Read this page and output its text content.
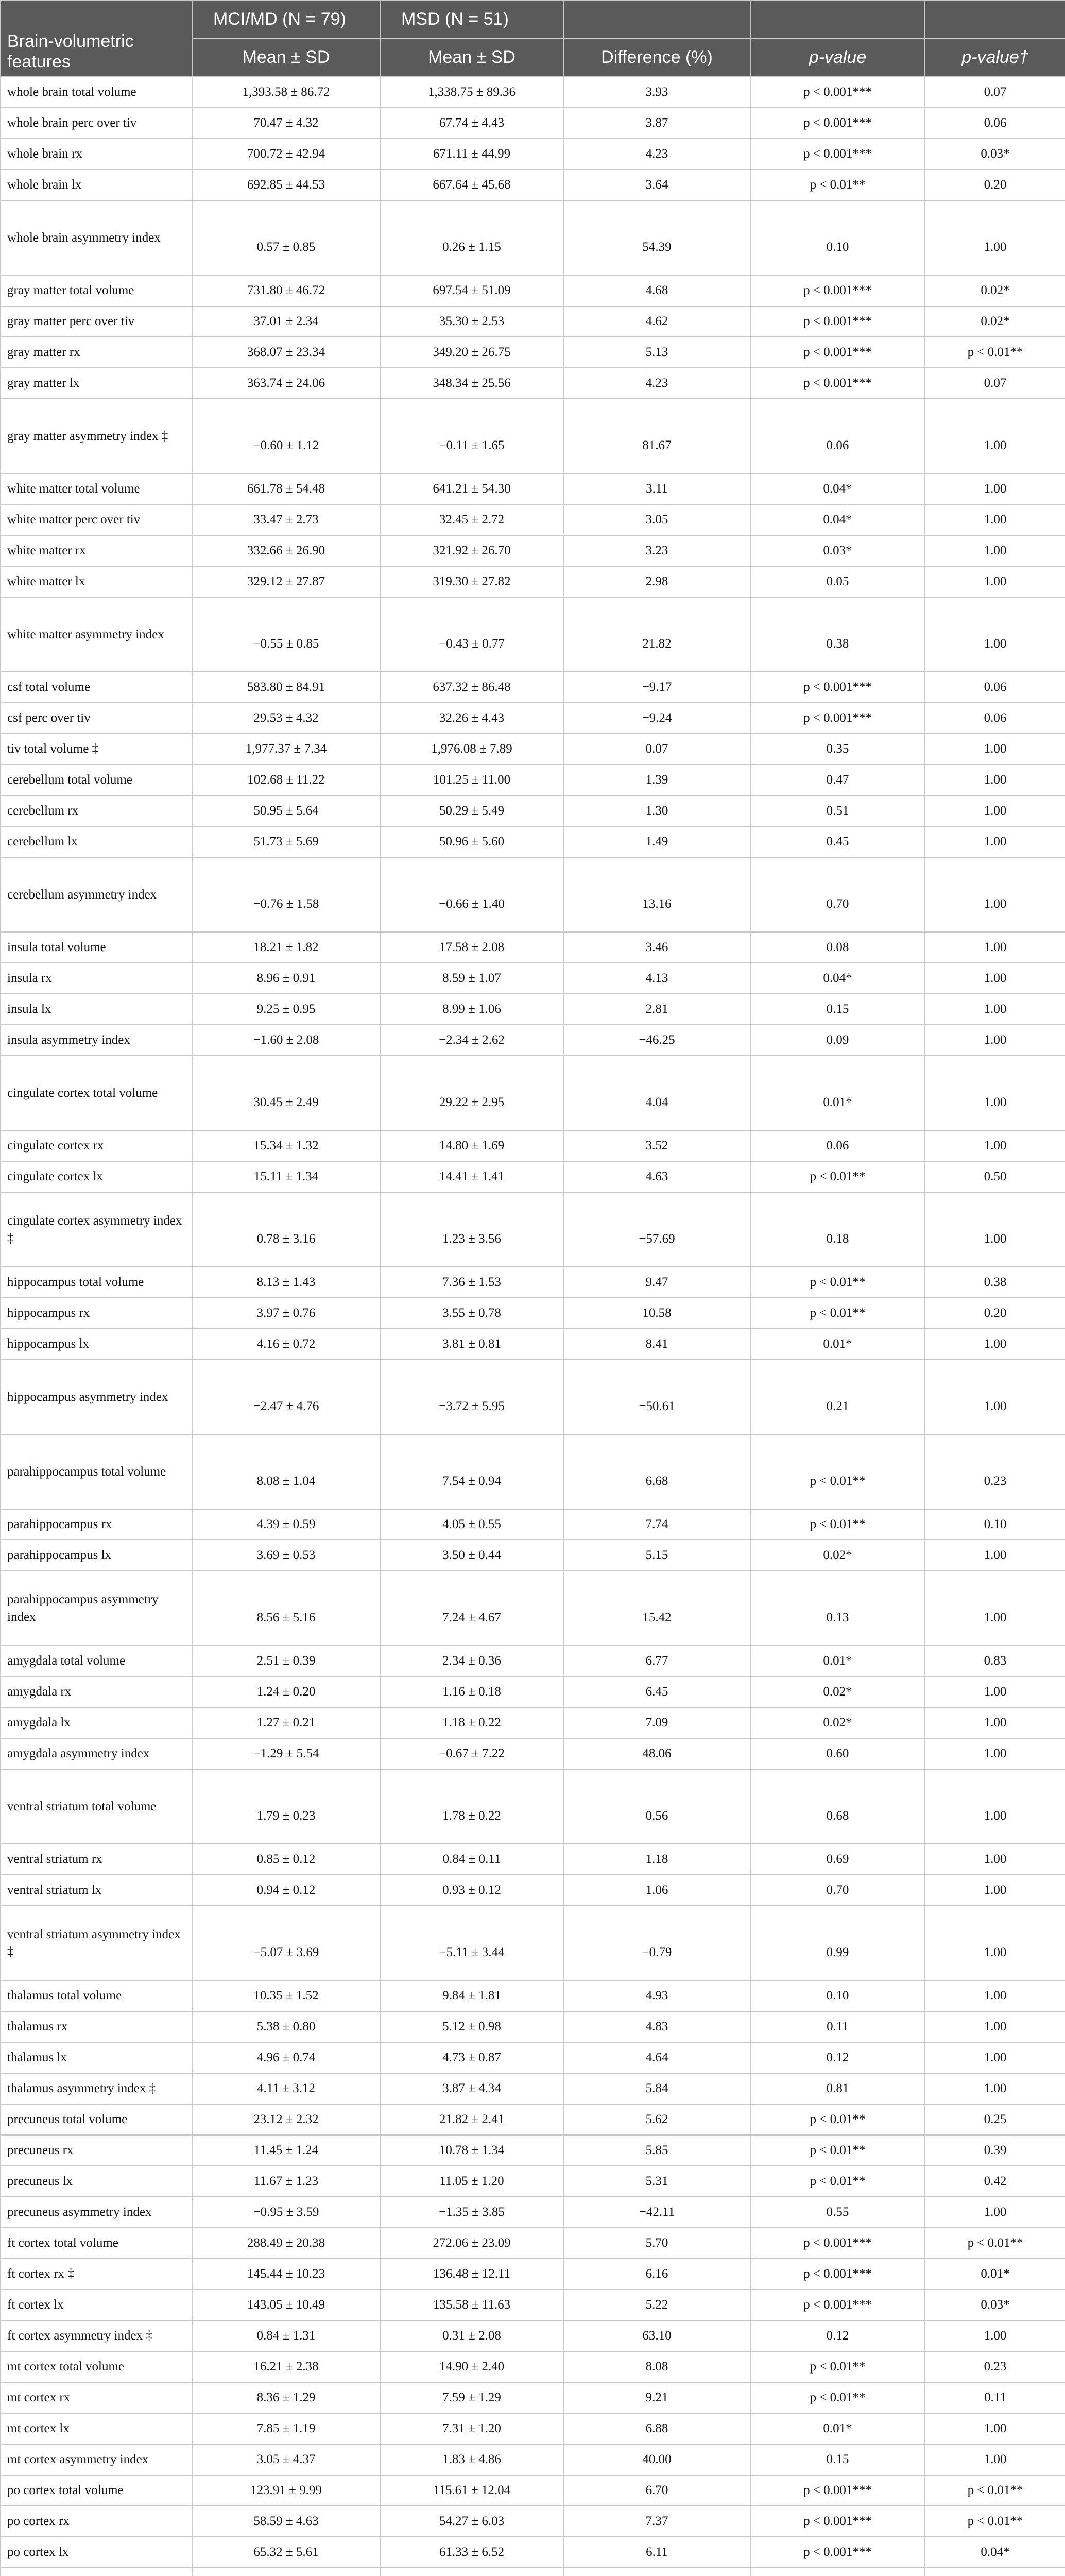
Brain-volumetric features	MCI/MD (N = 79)	MSD (N = 51)			
	Mean ± SD	Mean ± SD	Difference (%)	p-value	p-value†
whole brain total volume	1,393.58 ± 86.72	1,338.75 ± 89.36	3.93	p < 0.001***	0.07
whole brain perc over tiv	70.47 ± 4.32	67.74 ± 4.43	3.87	p < 0.001***	0.06
whole brain rx	700.72 ± 42.94	671.11 ± 44.99	4.23	p < 0.001***	0.03*
whole brain lx	692.85 ± 44.53	667.64 ± 45.68	3.64	p < 0.01**	0.20
whole brain asymmetry index	0.57 ± 0.85	0.26 ± 1.15	54.39	0.10	1.00
gray matter total volume	731.80 ± 46.72	697.54 ± 51.09	4.68	p < 0.001***	0.02*
gray matter perc over tiv	37.01 ± 2.34	35.30 ± 2.53	4.62	p < 0.001***	0.02*
gray matter rx	368.07 ± 23.34	349.20 ± 26.75	5.13	p < 0.001***	p < 0.01**
gray matter lx	363.74 ± 24.06	348.34 ± 25.56	4.23	p < 0.001***	0.07
gray matter asymmetry index ‡	−0.60 ± 1.12	−0.11 ± 1.65	81.67	0.06	1.00
white matter total volume	661.78 ± 54.48	641.21 ± 54.30	3.11	0.04*	1.00
white matter perc over tiv	33.47 ± 2.73	32.45 ± 2.72	3.05	0.04*	1.00
white matter rx	332.66 ± 26.90	321.92 ± 26.70	3.23	0.03*	1.00
white matter lx	329.12 ± 27.87	319.30 ± 27.82	2.98	0.05	1.00
white matter asymmetry index	−0.55 ± 0.85	−0.43 ± 0.77	21.82	0.38	1.00
csf total volume	583.80 ± 84.91	637.32 ± 86.48	−9.17	p < 0.001***	0.06
csf perc over tiv	29.53 ± 4.32	32.26 ± 4.43	−9.24	p < 0.001***	0.06
tiv total volume ‡	1,977.37 ± 7.34	1,976.08 ± 7.89	0.07	0.35	1.00
cerebellum total volume	102.68 ± 11.22	101.25 ± 11.00	1.39	0.47	1.00
cerebellum rx	50.95 ± 5.64	50.29 ± 5.49	1.30	0.51	1.00
cerebellum lx	51.73 ± 5.69	50.96 ± 5.60	1.49	0.45	1.00
cerebellum asymmetry index	−0.76 ± 1.58	−0.66 ± 1.40	13.16	0.70	1.00
insula total volume	18.21 ± 1.82	17.58 ± 2.08	3.46	0.08	1.00
insula rx	8.96 ± 0.91	8.59 ± 1.07	4.13	0.04*	1.00
insula lx	9.25 ± 0.95	8.99 ± 1.06	2.81	0.15	1.00
insula asymmetry index	−1.60 ± 2.08	−2.34 ± 2.62	−46.25	0.09	1.00
cingulate cortex total volume	30.45 ± 2.49	29.22 ± 2.95	4.04	0.01*	1.00
cingulate cortex rx	15.34 ± 1.32	14.80 ± 1.69	3.52	0.06	1.00
cingulate cortex lx	15.11 ± 1.34	14.41 ± 1.41	4.63	p < 0.01**	0.50
cingulate cortex asymmetry index ‡	0.78 ± 3.16	1.23 ± 3.56	−57.69	0.18	1.00
hippocampus total volume	8.13 ± 1.43	7.36 ± 1.53	9.47	p < 0.01**	0.38
hippocampus rx	3.97 ± 0.76	3.55 ± 0.78	10.58	p < 0.01**	0.20
hippocampus lx	4.16 ± 0.72	3.81 ± 0.81	8.41	0.01*	1.00
hippocampus asymmetry index	−2.47 ± 4.76	−3.72 ± 5.95	−50.61	0.21	1.00
parahippocampus total volume	8.08 ± 1.04	7.54 ± 0.94	6.68	p < 0.01**	0.23
parahippocampus rx	4.39 ± 0.59	4.05 ± 0.55	7.74	p < 0.01**	0.10
parahippocampus lx	3.69 ± 0.53	3.50 ± 0.44	5.15	0.02*	1.00
parahippocampus asymmetry index	8.56 ± 5.16	7.24 ± 4.67	15.42	0.13	1.00
amygdala total volume	2.51 ± 0.39	2.34 ± 0.36	6.77	0.01*	0.83
amygdala rx	1.24 ± 0.20	1.16 ± 0.18	6.45	0.02*	1.00
amygdala lx	1.27 ± 0.21	1.18 ± 0.22	7.09	0.02*	1.00
amygdala asymmetry index	−1.29 ± 5.54	−0.67 ± 7.22	48.06	0.60	1.00
ventral striatum total volume	1.79 ± 0.23	1.78 ± 0.22	0.56	0.68	1.00
ventral striatum rx	0.85 ± 0.12	0.84 ± 0.11	1.18	0.69	1.00
ventral striatum lx	0.94 ± 0.12	0.93 ± 0.12	1.06	0.70	1.00
ventral striatum asymmetry index ‡	−5.07 ± 3.69	−5.11 ± 3.44	−0.79	0.99	1.00
thalamus total volume	10.35 ± 1.52	9.84 ± 1.81	4.93	0.10	1.00
thalamus rx	5.38 ± 0.80	5.12 ± 0.98	4.83	0.11	1.00
thalamus lx	4.96 ± 0.74	4.73 ± 0.87	4.64	0.12	1.00
thalamus asymmetry index ‡	4.11 ± 3.12	3.87 ± 4.34	5.84	0.81	1.00
precuneus total volume	23.12 ± 2.32	21.82 ± 2.41	5.62	p < 0.01**	0.25
precuneus rx	11.45 ± 1.24	10.78 ± 1.34	5.85	p < 0.01**	0.39
precuneus lx	11.67 ± 1.23	11.05 ± 1.20	5.31	p < 0.01**	0.42
precuneus asymmetry index	−0.95 ± 3.59	−1.35 ± 3.85	−42.11	0.55	1.00
ft cortex total volume	288.49 ± 20.38	272.06 ± 23.09	5.70	p < 0.001***	p < 0.01**
ft cortex rx ‡	145.44 ± 10.23	136.48 ± 12.11	6.16	p < 0.001***	0.01*
ft cortex lx	143.05 ± 10.49	135.58 ± 11.63	5.22	p < 0.001***	0.03*
ft cortex asymmetry index ‡	0.84 ± 1.31	0.31 ± 2.08	63.10	0.12	1.00
mt cortex total volume	16.21 ± 2.38	14.90 ± 2.40	8.08	p < 0.01**	0.23
mt cortex rx	8.36 ± 1.29	7.59 ± 1.29	9.21	p < 0.01**	0.11
mt cortex lx	7.85 ± 1.19	7.31 ± 1.20	6.88	0.01*	1.00
mt cortex asymmetry index	3.05 ± 4.37	1.83 ± 4.86	40.00	0.15	1.00
po cortex total volume	123.91 ± 9.99	115.61 ± 12.04	6.70	p < 0.001***	p < 0.01**
po cortex rx	58.59 ± 4.63	54.27 ± 6.03	7.37	p < 0.001***	p < 0.01**
po cortex lx	65.32 ± 5.61	61.33 ± 6.52	6.11	p < 0.001***	0.04*
